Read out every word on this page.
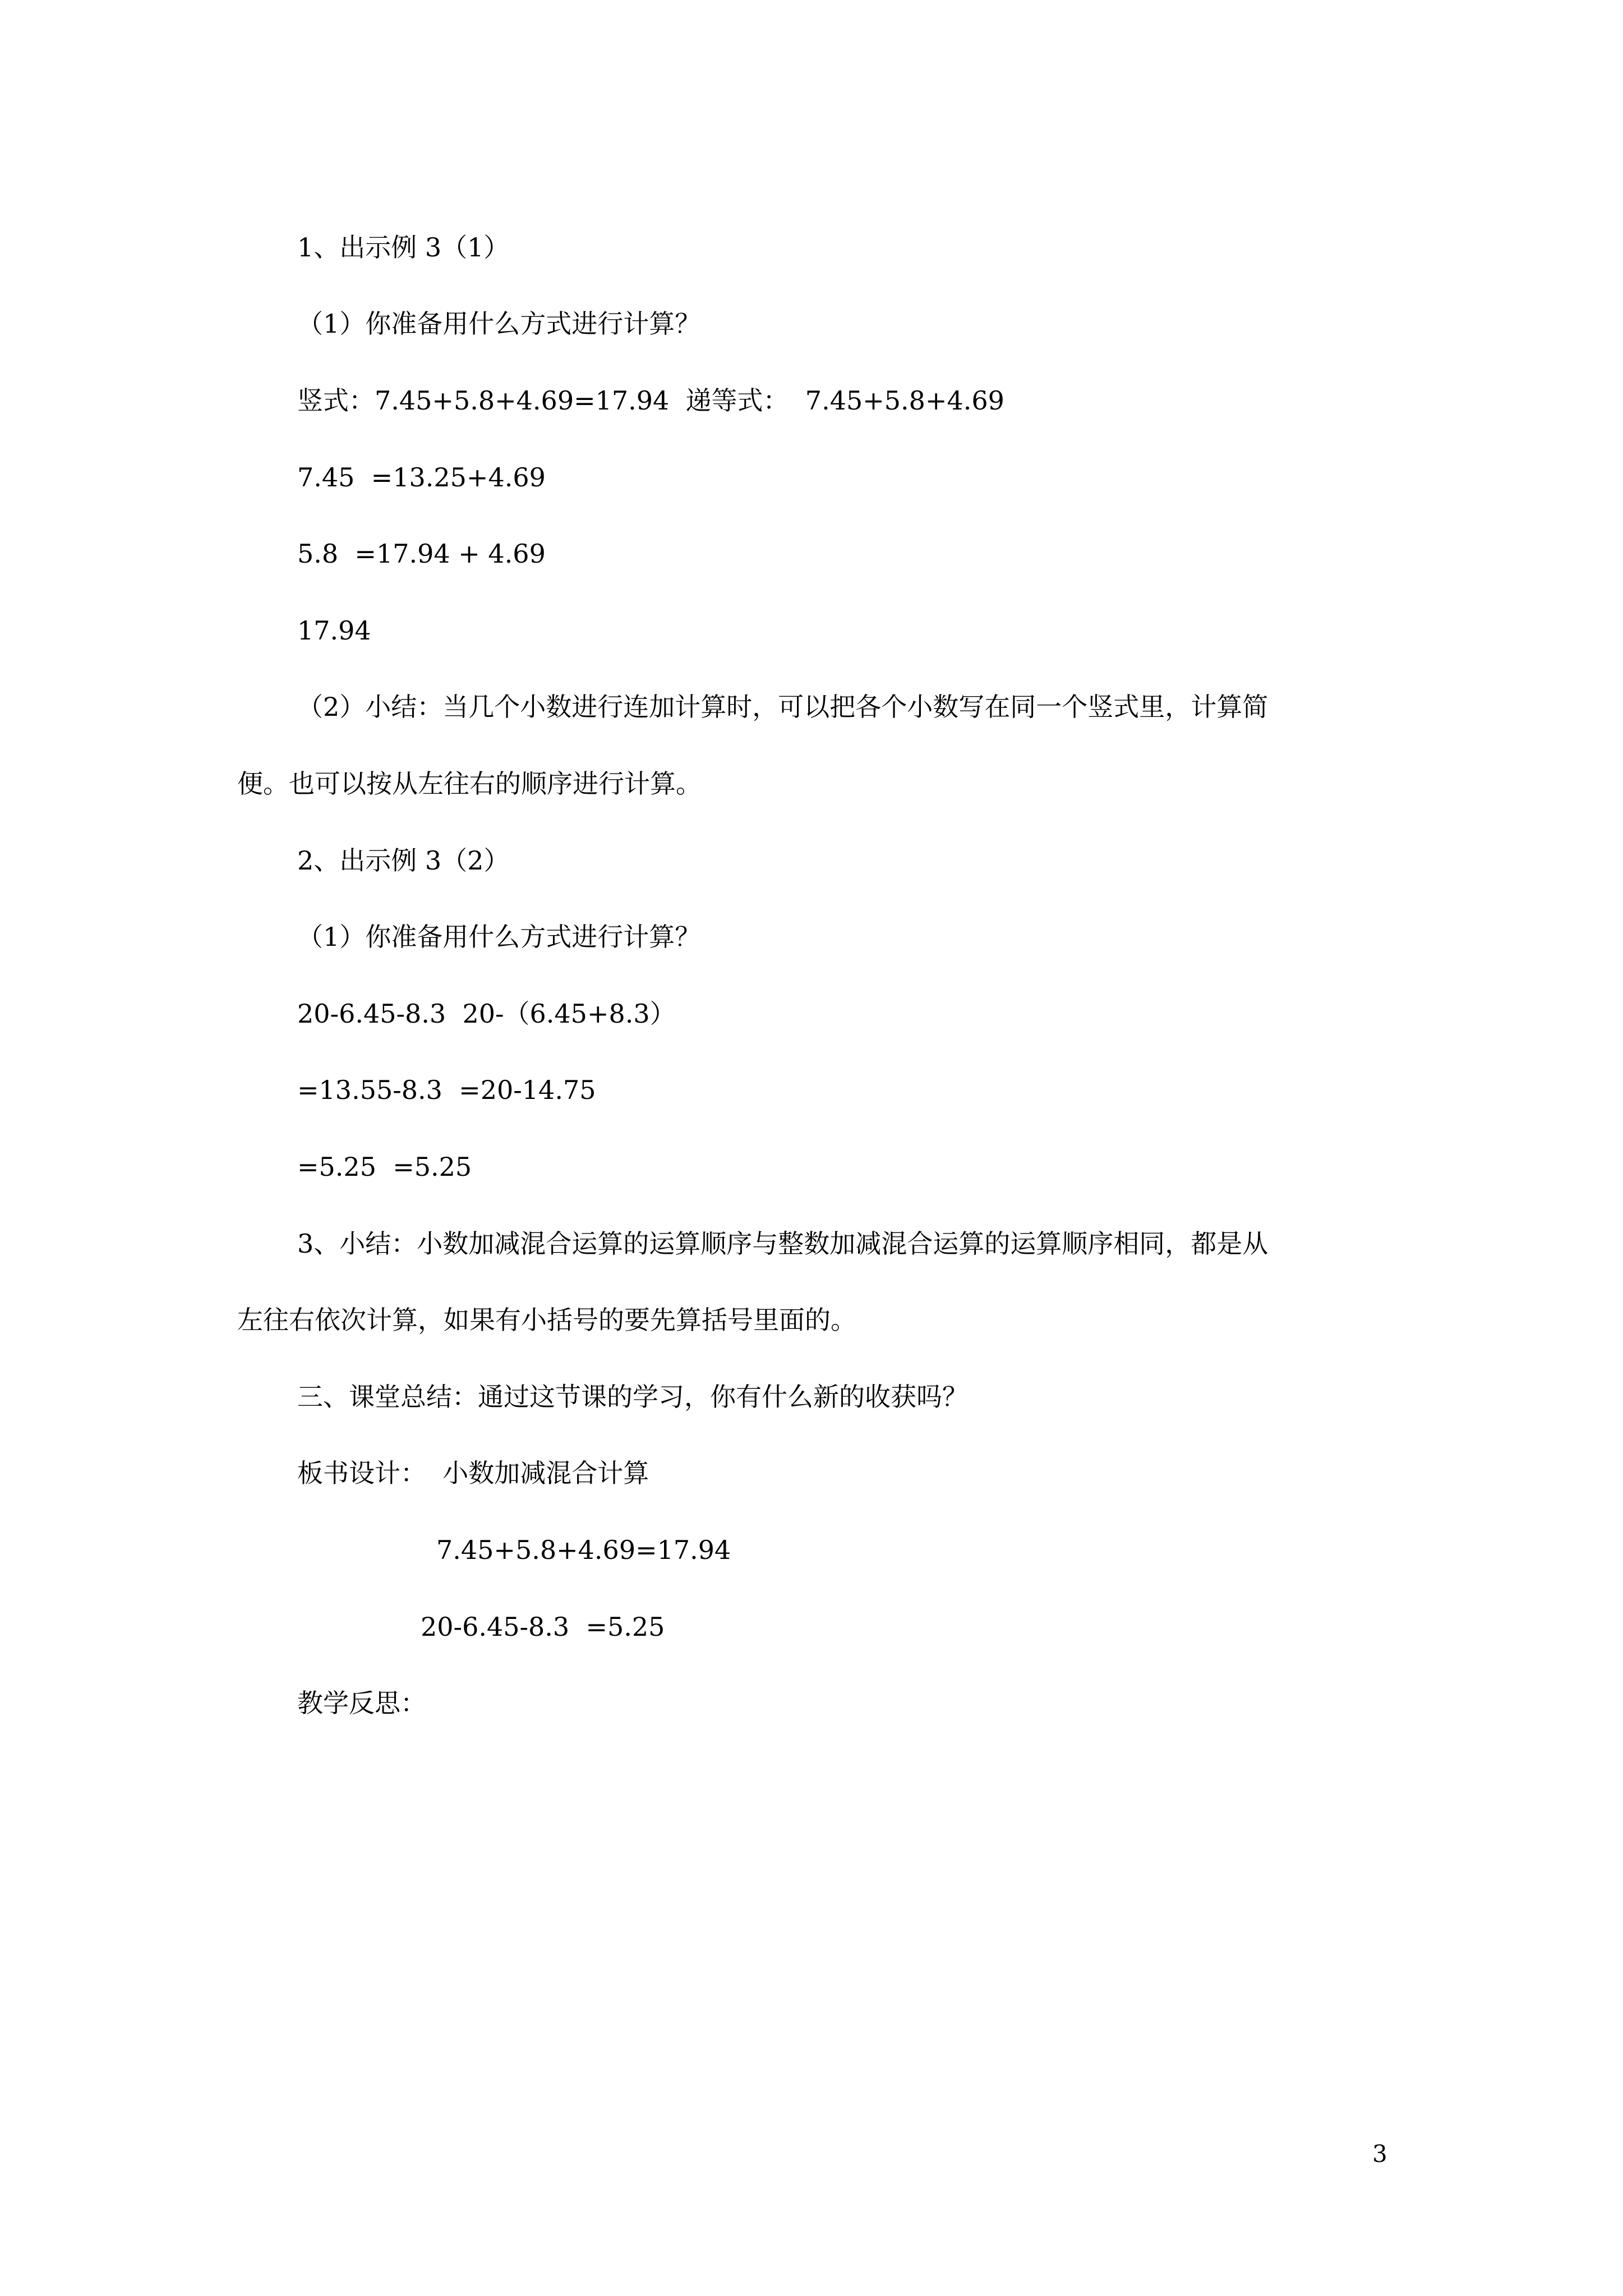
1、出示例 3（1）
（1）你准备用什么方式进行计算？
竖式：7.45+5.8+4.69=17.94  递等式：  7.45+5.8+4.69
7.45  =13.25+4.69
5.8  =17.94 + 4.69
17.94
（2）小结：当几个小数进行连加计算时，可以把各个小数写在同一个竖式里，计算简
便。也可以按从左往右的顺序进行计算。
2、出示例 3（2）
（1）你准备用什么方式进行计算？
20-6.45-8.3  20-（6.45+8.3）
=13.55-8.3  =20-14.75
=5.25  =5.25
3、小结：小数加减混合运算的运算顺序与整数加减混合运算的运算顺序相同，都是从
左往右依次计算，如果有小括号的要先算括号里面的。
三、课堂总结：通过这节课的学习，你有什么新的收获吗？
板书设计：  小数加减混合计算
7.45+5.8+4.69=17.94
20-6.45-8.3  =5.25
教学反思：
3
